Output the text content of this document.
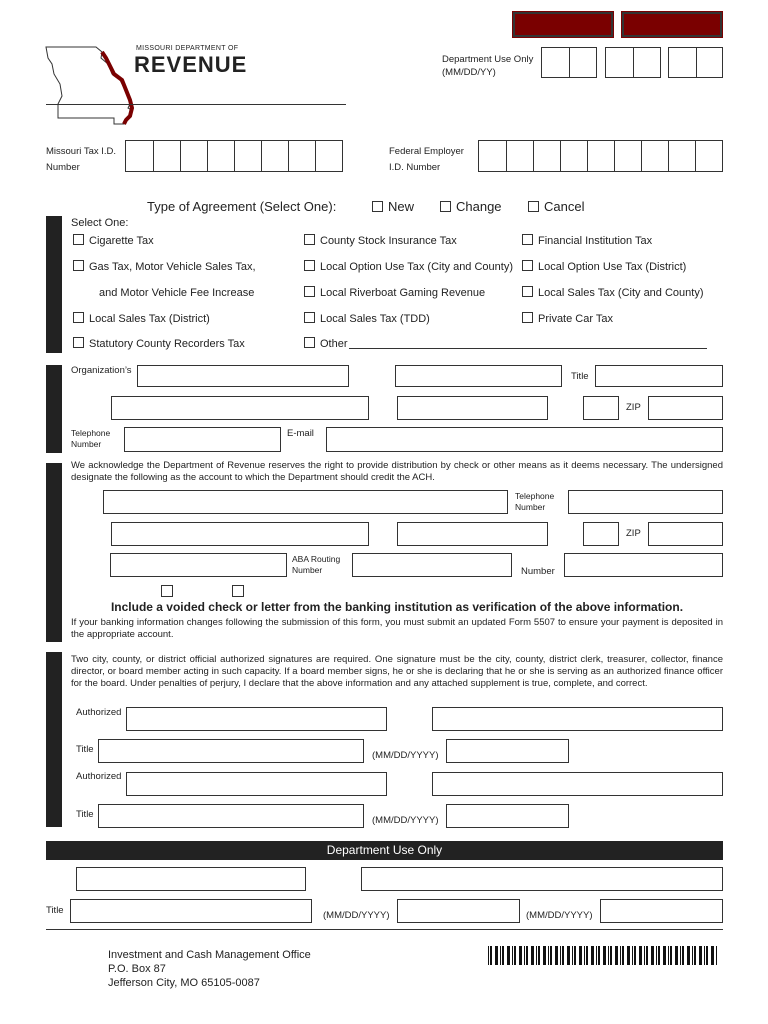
MISSOURI DEPARTMENT OF
REVENUE	Department Use Only
(MM/DD/YY)
Missouri Tax I.D.
Number
Federal Employer
I.D. Number
Type of Agreement (Select One):	New	Change	Cancel
Select One:
Cigarette Tax	County Stock Insurance Tax	Financial Institution Tax
Gas Tax, Motor Vehicle Sales Tax,	Local Option Use Tax (City and County)	Local Option Use Tax (District)
and Motor Vehicle Fee Increase	Local Riverboat Gaming Revenue	Local Sales Tax (City and County)
Local Sales Tax (District)	Local Sales Tax (TDD)	Private Car Tax
Statutory County Recorders Tax	Other
Organization’s
Title
ZIP
Telephone
Number
E-mail
We acknowledge the Department of Revenue reserves the right to provide distribution by check or other means as it deems necessary. The undersigned designate the following as the account to which the Department should credit the ACH.
Telephone
Number
ZIP
ABA Routing
Number	Number
Include a voided check or letter from the banking institution as verification of the above information.
If your banking information changes following the submission of this form, you must submit an updated Form 5507 to ensure your payment is deposited in the appropriate account.
Two city, county, or district official authorized signatures are required. One signature must be the city, county, district clerk, treasurer, collector, finance director, or board member acting in such capacity. If a board member signs, he or she is declaring that he or she is serving as an authorized finance officer for the board. Under penalties of perjury, I declare that the above information and any attached supplement is true, complete, and correct.
Authorized
Title
(MM/DD/YYYY)
Authorized
Title
(MM/DD/YYYY)
Department Use Only
Title	(MM/DD/YYYY)	(MM/DD/YYYY)
Investment and Cash Management Office
P.O. Box 87
Jefferson City, MO 65105-0087
